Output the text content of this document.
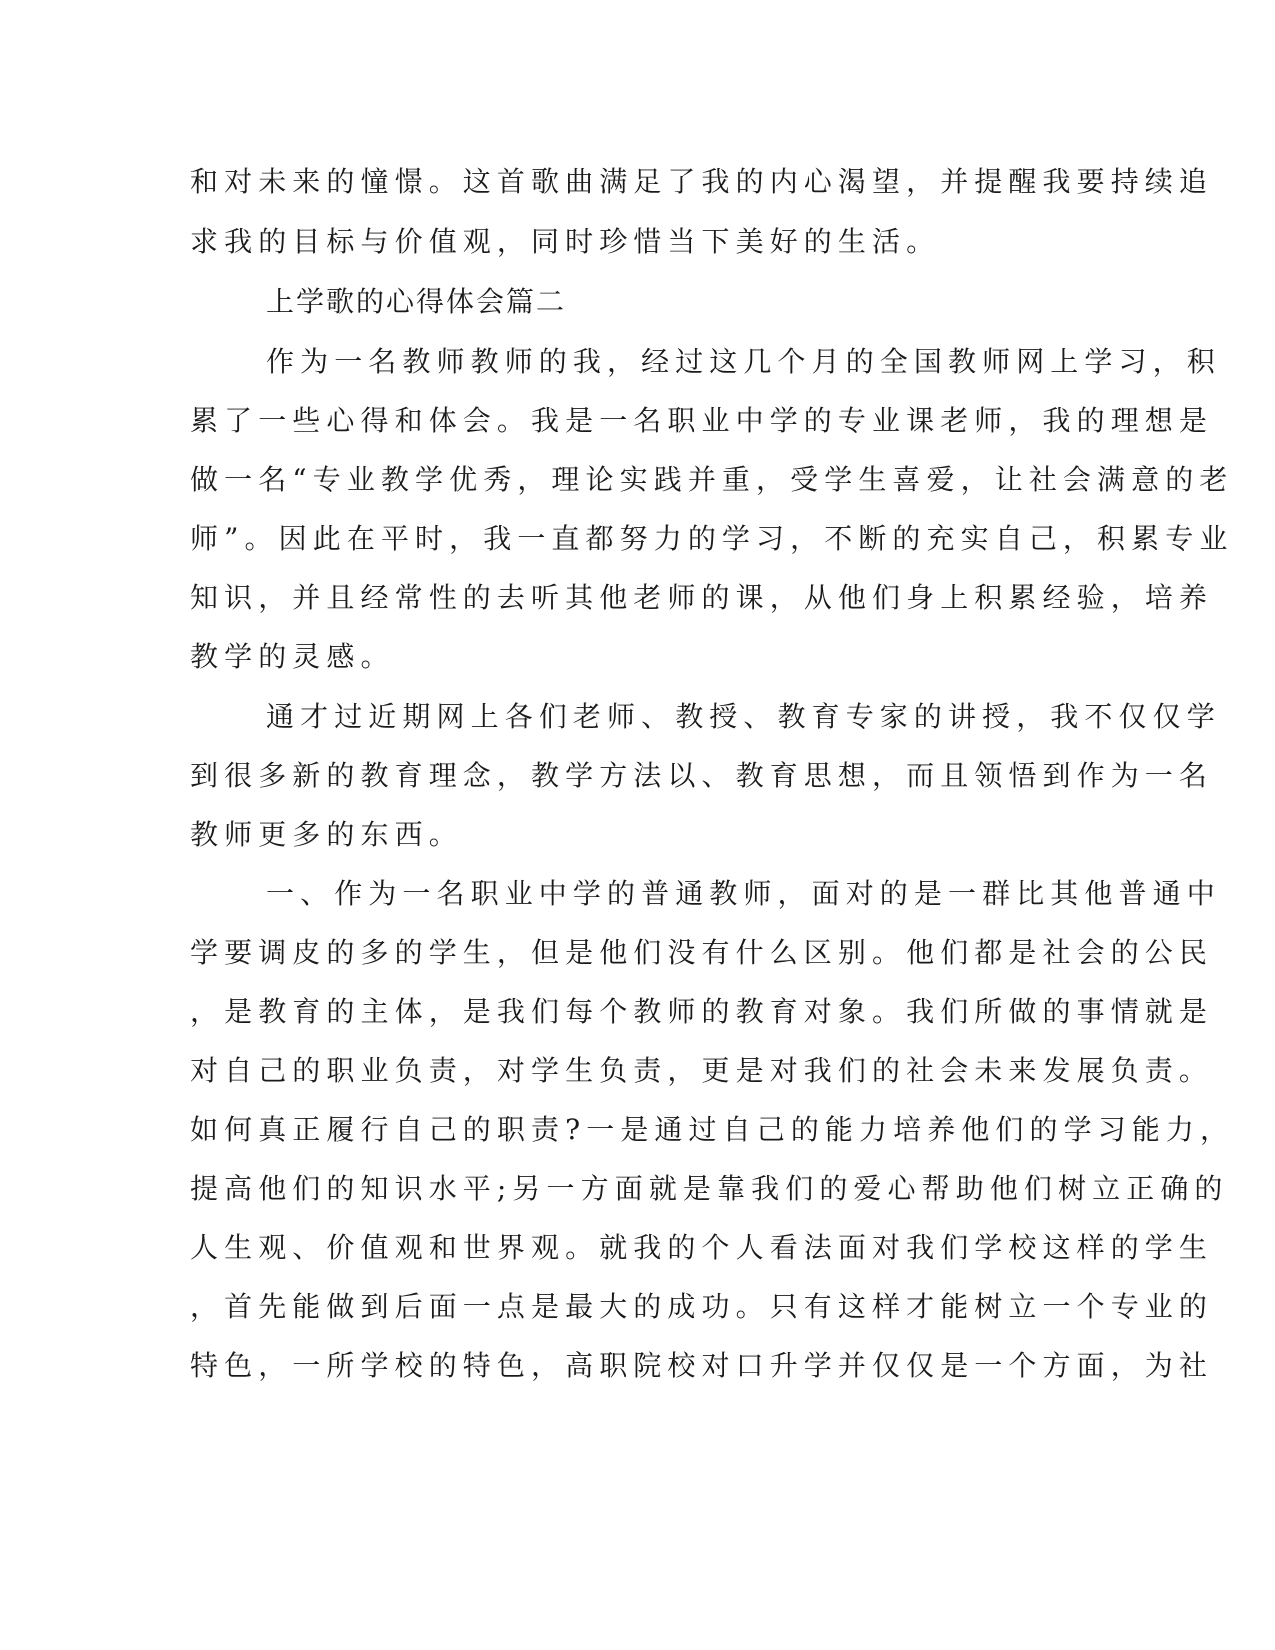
和对未来的憧憬。这首歌曲满足了我的内心渴望，并提醒我要持续追
求我的目标与价值观，同时珍惜当下美好的生活。
上学歌的心得体会篇二
作为一名教师教师的我，经过这几个月的全国教师网上学习，积
累了一些心得和体会。我是一名职业中学的专业课老师，我的理想是
做一名“专业教学优秀，理论实践并重，受学生喜爱，让社会满意的老
师”。因此在平时，我一直都努力的学习，不断的充实自己，积累专业
知识，并且经常性的去听其他老师的课，从他们身上积累经验，培养
教学的灵感。
通才过近期网上各们老师、教授、教育专家的讲授，我不仅仅学
到很多新的教育理念，教学方法以、教育思想，而且领悟到作为一名
教师更多的东西。
一、作为一名职业中学的普通教师，面对的是一群比其他普通中
学要调皮的多的学生，但是他们没有什么区别。他们都是社会的公民
，是教育的主体，是我们每个教师的教育对象。我们所做的事情就是
对自己的职业负责，对学生负责，更是对我们的社会未来发展负责。
如何真正履行自己的职责?一是通过自己的能力培养他们的学习能力，
提高他们的知识水平;另一方面就是靠我们的爱心帮助他们树立正确的
人生观、价值观和世界观。就我的个人看法面对我们学校这样的学生
，首先能做到后面一点是最大的成功。只有这样才能树立一个专业的
特色，一所学校的特色，高职院校对口升学并仅仅是一个方面，为社
